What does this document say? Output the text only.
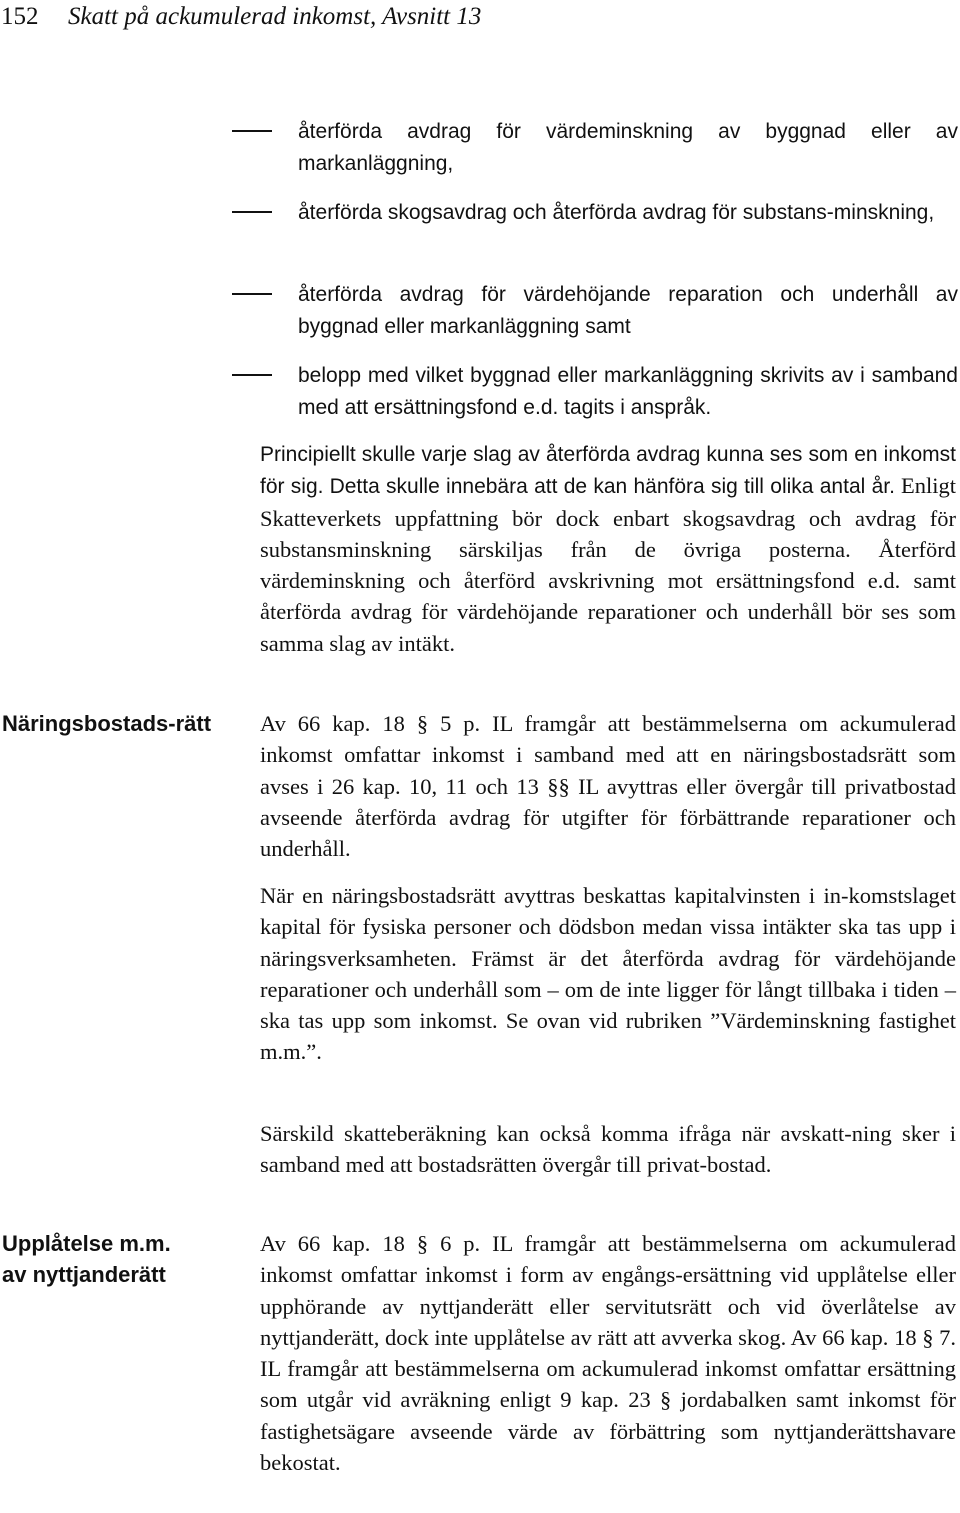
152 Skatt på ackumulerad inkomst, Avsnitt 13
återförda avdrag för värdeminskning av byggnad eller av markanläggning,
återförda skogsavdrag och återförda avdrag för substans-minskning,
återförda avdrag för värdehöjande reparation och underhåll av byggnad eller markanläggning samt
belopp med vilket byggnad eller markanläggning skrivits av i samband med att ersättningsfond e.d. tagits i anspråk.
Principiellt skulle varje slag av återförda avdrag kunna ses som en inkomst för sig. Detta skulle innebära att de kan hänföra sig till olika antal år. Enligt Skatteverkets uppfattning bör dock enbart skogsavdrag och avdrag för substansminskning särskiljas från de övriga posterna. Återförd värdeminskning och återförd avskrivning mot ersättningsfond e.d. samt återförda avdrag för värdehöjande reparationer och underhåll bör ses som samma slag av intäkt.
Näringsbostads-rätt	Av 66 kap. 18 § 5 p. IL framgår att bestämmelserna om ackumulerad inkomst omfattar inkomst i samband med att en näringsbostadsrätt som avses i 26 kap. 10, 11 och 13 §§ IL avyttras eller övergår till privatbostad avseende återförda avdrag för utgifter för förbättrande reparationer och underhåll.
När en näringsbostadsrätt avyttras beskattas kapitalvinsten i in-komstslaget kapital för fysiska personer och dödsbon medan vissa intäkter ska tas upp i näringsverksamheten. Främst är det återförda avdrag för värdehöjande reparationer och underhåll som – om de inte ligger för långt tillbaka i tiden – ska tas upp som inkomst. Se ovan vid rubriken ”Värdeminskning fastighet m.m.”.
Särskild skatteberäkning kan också komma ifråga när avskatt-ning sker i samband med att bostadsrätten övergår till privat-bostad.
Upplåtelse m.m.
av nyttjanderätt
Av 66 kap. 18 § 6 p. IL framgår att bestämmelserna om ackumulerad inkomst omfattar inkomst i form av engångs-ersättning vid upplåtelse eller upphörande av nyttjanderätt eller servitutsrätt och vid överlåtelse av nyttjanderätt, dock inte upplåtelse av rätt att avverka skog. Av 66 kap. 18 § 7. IL framgår att bestämmelserna om ackumulerad inkomst omfattar ersättning som utgår vid avräkning enligt 9 kap. 23 § jordabalken samt inkomst för fastighetsägare avseende värde av förbättring som nyttjanderättshavare bekostat.
